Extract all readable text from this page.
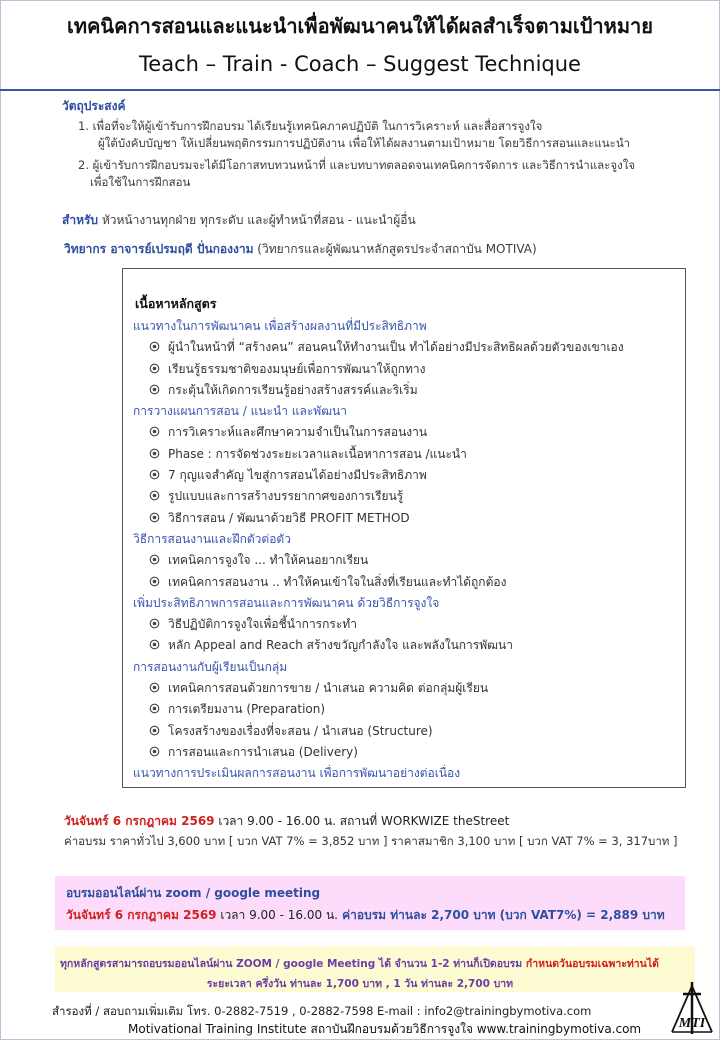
เทคนิคการสอนและแนะนำเพื่อพัฒนาคนให้ได้ผลสำเร็จตามเป้าหมาย
Teach – Train - Coach – Suggest Technique
วัตถุประสงค์
1. เพื่อที่จะให้ผู้เข้ารับการฝึกอบรม ได้เรียนรู้เทคนิคภาคปฏิบัติ ในการวิเคราะห์ และสื่อสารจูงใจ
ผู้ใต้บังคับบัญชา ให้เปลี่ยนพฤติกรรมการปฏิบัติงาน เพื่อให้ได้ผลงานตามเป้าหมาย โดยวิธีการสอนและแนะนำ
2. ผู้เข้ารับการฝึกอบรมจะได้มีโอกาสทบทวนหน้าที่ และบทบาทตลอดจนเทคนิคการจัดการ และวิธีการนำและจูงใจ
เพื่อใช้ในการฝึกสอน
สำหรับ หัวหน้างานทุกฝ่าย ทุกระดับ และผู้ทำหน้าที่สอน - แนะนำผู้อื่น
วิทยากร อาจารย์เปรมฤดี ปั่นกองงาม (วิทยากรและผู้พัฒนาหลักสูตรประจำสถาบัน MOTIVA)
เนื้อหาหลักสูตร
แนวทางในการพัฒนาคน เพื่อสร้างผลงานที่มีประสิทธิภาพ
ผู้นำในหน้าที่ “สร้างคน” สอนคนให้ทำงานเป็น ทำได้อย่างมีประสิทธิผลด้วยตัวของเขาเอง
เรียนรู้ธรรมชาติของมนุษย์เพื่อการพัฒนาให้ถูกทาง
กระตุ้นให้เกิดการเรียนรู้อย่างสร้างสรรค์และริเริ่ม
การวางแผนการสอน / แนะนำ และพัฒนา
การวิเคราะห์และศึกษาความจำเป็นในการสอนงาน
Phase : การจัดช่วงระยะเวลาและเนื้อหาการสอน /แนะนำ
7 กุญแจสำคัญ ไขสู่การสอนได้อย่างมีประสิทธิภาพ
รูปแบบและการสร้างบรรยากาศของการเรียนรู้
วิธีการสอน / พัฒนาด้วยวิธี PROFIT METHOD
วิธีการสอนงานและฝึกตัวต่อตัว
เทคนิคการจูงใจ ... ทำให้คนอยากเรียน
เทคนิคการสอนงาน .. ทำให้คนเข้าใจในสิ่งที่เรียนและทำได้ถูกต้อง
เพิ่มประสิทธิภาพการสอนและการพัฒนาคน ด้วยวิธีการจูงใจ
วิธีปฏิบัติการจูงใจเพื่อชี้นำการกระทำ
หลัก Appeal and Reach สร้างขวัญกำลังใจ และพลังในการพัฒนา
การสอนงานกับผู้เรียนเป็นกลุ่ม
เทคนิคการสอนด้วยการขาย / นำเสนอ ความคิด ต่อกลุ่มผู้เรียน
การเตรียมงาน (Preparation)
โครงสร้างของเรื่องที่จะสอน / นำเสนอ (Structure)
การสอนและการนำเสนอ (Delivery)
แนวทางการประเมินผลการสอนงาน เพื่อการพัฒนาอย่างต่อเนื่อง
วันจันทร์ 6 กรกฎาคม 2569 เวลา 9.00 - 16.00 น. สถานที่ WORKWIZE theStreet
ค่าอบรม ราคาทั่วไป 3,600 บาท [ บวก VAT 7% = 3,852 บาท ] ราคาสมาชิก 3,100 บาท [ บวก VAT 7% = 3, 317บาท ]
อบรมออนไลน์ผ่าน zoom / google meeting
วันจันทร์ 6 กรกฎาคม 2569 เวลา 9.00 - 16.00 น. ค่าอบรม ท่านละ 2,700 บาท (บวก VAT7%) = 2,889 บาท
ทุกหลักสูตรสามารถอบรมออนไลน์ผ่าน ZOOM / google Meeting ได้ จำนวน 1-2 ท่านก็เปิดอบรม กำหนดวันอบรมเฉพาะท่านได้
ระยะเวลา ครึ่งวัน ท่านละ 1,700 บาท , 1 วัน ท่านละ 2,700 บาท
สำรองที่ / สอบถามเพิ่มเติม โทร. 0-2882-7519 , 0-2882-7598 E-mail : info2@trainingbymotiva.com
Motivational Training Institute สถาบันฝึกอบรมด้วยวิธีการจูงใจ www.trainingbymotiva.com	MTI
